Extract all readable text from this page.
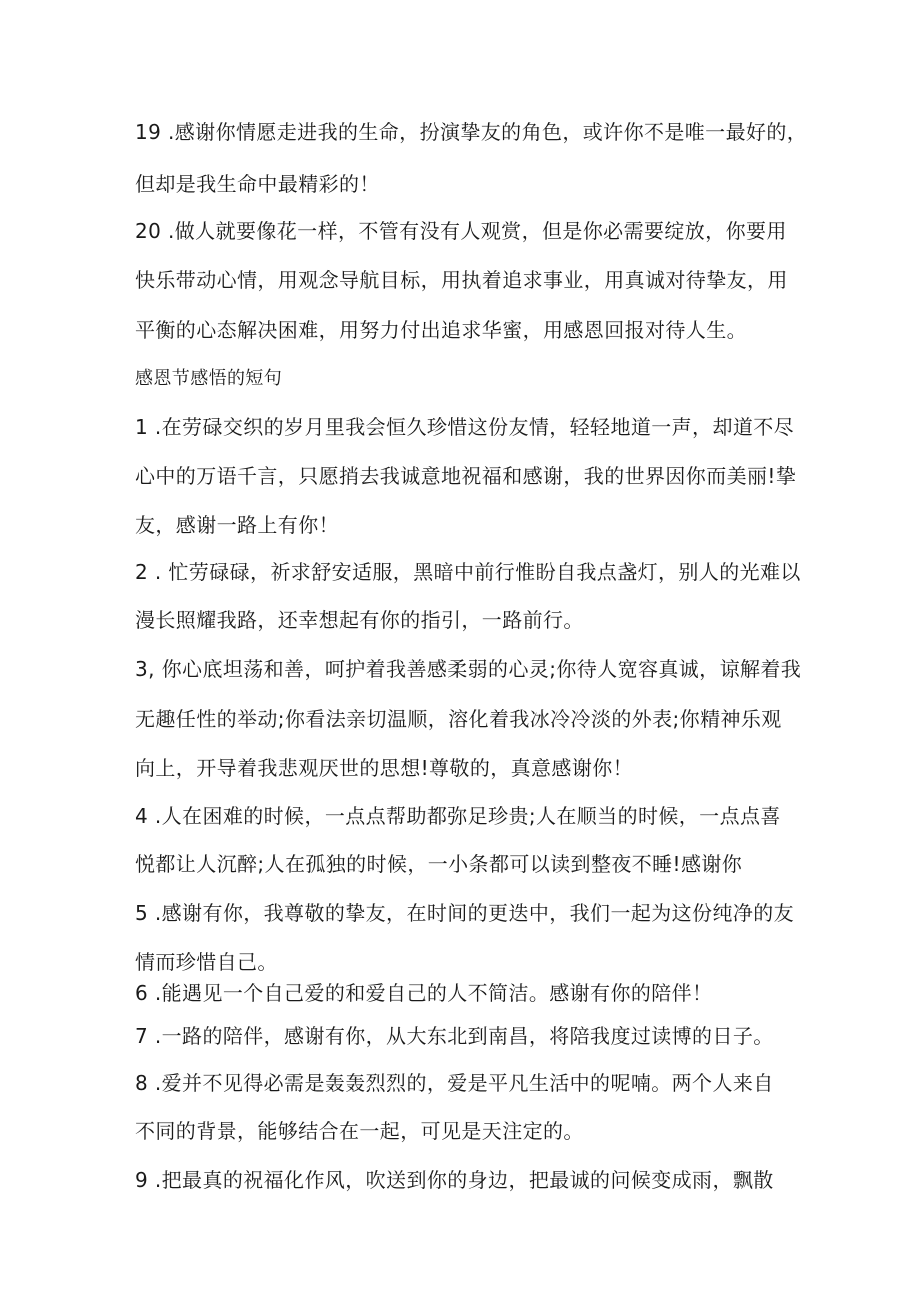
19 .感谢你情愿走进我的生命，扮演挚友的角色，或许你不是唯一最好的，
但却是我生命中最精彩的！
20 .做人就要像花一样，不管有没有人观赏，但是你必需要绽放，你要用
快乐带动心情，用观念导航目标，用执着追求事业，用真诚对待挚友，用
平衡的心态解决困难，用努力付出追求华蜜，用感恩回报对待人生。
感恩节感悟的短句
1 .在劳碌交织的岁月里我会恒久珍惜这份友情，轻轻地道一声，却道不尽
心中的万语千言，只愿捎去我诚意地祝福和感谢，我的世界因你而美丽!挚
友，感谢一路上有你！
2 . 忙劳碌碌，祈求舒安适服，黑暗中前行惟盼自我点盏灯，别人的光难以
漫长照耀我路，还幸想起有你的指引，一路前行。
3, 你心底坦荡和善，呵护着我善感柔弱的心灵;你待人宽容真诚，谅解着我
无趣任性的举动;你看法亲切温顺，溶化着我冰冷冷淡的外表;你精神乐观
向上，开导着我悲观厌世的思想!尊敬的，真意感谢你！
4 .人在困难的时候，一点点帮助都弥足珍贵;人在顺当的时候，一点点喜
悦都让人沉醉;人在孤独的时候，一小条都可以读到整夜不睡!感谢你
5 .感谢有你，我尊敬的挚友，在时间的更迭中，我们一起为这份纯净的友
情而珍惜自己。
6 .能遇见一个自己爱的和爱自己的人不简洁。感谢有你的陪伴！
7 .一路的陪伴，感谢有你，从大东北到南昌，将陪我度过读博的日子。
8 .爱并不见得必需是轰轰烈烈的，爱是平凡生活中的呢喃。两个人来自
不同的背景，能够结合在一起，可见是天注定的。
9 .把最真的祝福化作风，吹送到你的身边，把最诚的问候变成雨，飘散
